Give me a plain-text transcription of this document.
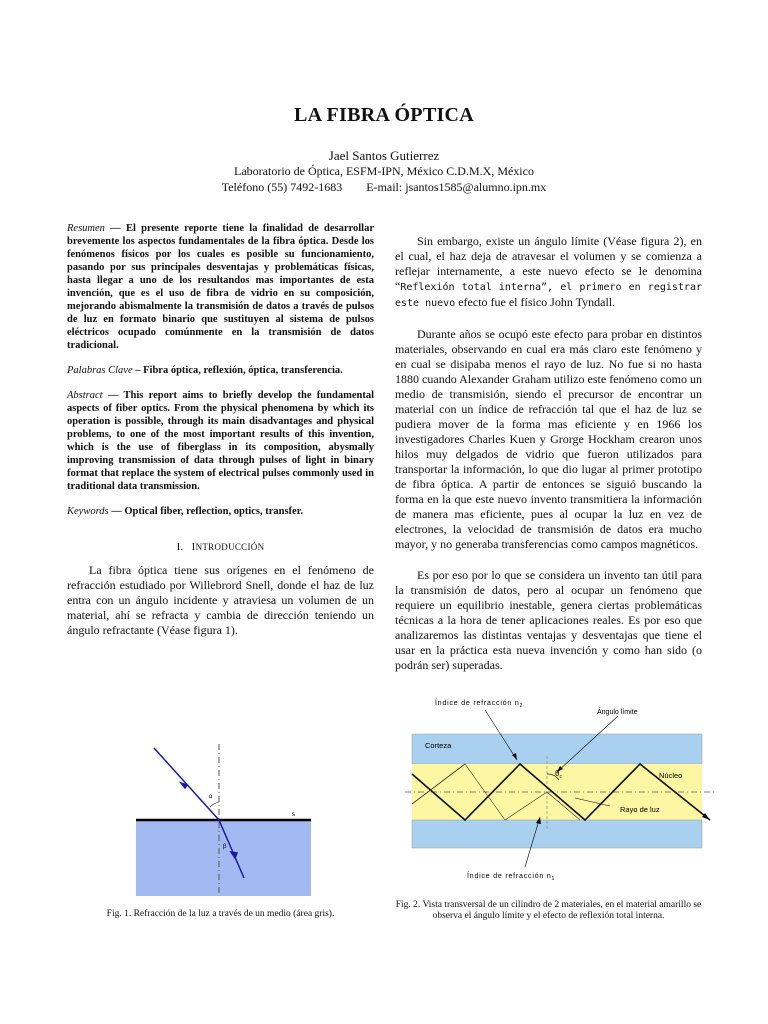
LA FIBRA ÓPTICA
Jael Santos Gutierrez
Laboratorio de Óptica, ESFM-IPN, México C.D.M.X, México
Teléfono (55) 7492-1683 E-mail: jsantos1585@alumno.ipn.mx

Resumen — El presente reporte tiene la finalidad de desarrollar brevemente los aspectos fundamentales de la fibra óptica. Desde los fenómenos físicos por los cuales es posible su funcionamiento, pasando por sus principales desventajas y problemáticas físicas, hasta llegar a uno de los resultandos mas importantes de esta invención, que es el uso de fibra de vidrio en su composición, mejorando abismalmente la transmisión de datos a través de pulsos de luz en formato binario que sustituyen al sistema de pulsos eléctricos ocupado comúnmente en la transmisión de datos tradicional.

Palabras Clave – Fibra óptica, reflexión, óptica, transferencia.

Abstract — This report aims to briefly develop the fundamental aspects of fiber optics. From the physical phenomena by which its operation is possible, through its main disadvantages and physical problems, to one of the most important results of this invention, which is the use of fiberglass in its composition, abysmally improving transmission of data through pulses of light in binary format that replace the system of electrical pulses commonly used in traditional data transmission.

Keywords — Optical fiber, reflection, optics, transfer.

I. INTRODUCCIÓN

La fibra óptica tiene sus orígenes en el fenómeno de refracción estudiado por Willebrord Snell, donde el haz de luz entra con un ángulo incidente y atraviesa un volumen de un material, ahí se refracta y cambia de dirección teniendo un ángulo refractante (Véase figura 1).

Sin embargo, existe un ángulo límite (Véase figura 2), en el cual, el haz deja de atravesar el volumen y se comienza a reflejar internamente, a este nuevo efecto se le denomina “Reflexión total interna”, el primero en registrar este nuevo efecto fue el físico John Tyndall.

Durante años se ocupó este efecto para probar en distintos materiales, observando en cual era más claro este fenómeno y en cual se disipaba menos el rayo de luz. No fue si no hasta 1880 cuando Alexander Graham utilizo este fenómeno como un medio de transmisión, siendo el precursor de encontrar un material con un índice de refracción tal que el haz de luz se pudiera mover de la forma mas eficiente y en 1966 los investigadores Charles Kuen y Grorge Hockham crearon unos hilos muy delgados de vidrio que fueron utilizados para transportar la información, lo que dio lugar al primer prototipo de fibra óptica. A partir de entonces se siguió buscando la forma en la que este nuevo invento transmitiera la información de manera mas eficiente, pues al ocupar la luz en vez de electrones, la velocidad de transmisión de datos era mucho mayor, y no generaba transferencias como campos magnéticos.

Es por eso por lo que se considera un invento tan útil para la transmisión de datos, pero al ocupar un fenómeno que requiere un equilibrio inestable, genera ciertas problemáticas técnicas a la hora de tener aplicaciones reales. Es por eso que analizaremos las distintas ventajas y desventajas que tiene el usar en la práctica esta nueva invención y como han sido (o podrán ser) superadas.

α
s
β
Fig. 1. Refracción de la luz a través de un medio (área gris).
Índice de refracción $n_2$
Ángulo límite
Corteza
$\theta_c$	Núcleo
Rayo de luz
Índice de refracción $n_1$
Fig. 2. Vista transversal de un cilindro de 2 materiales, en el material amarillo se observa el ángulo límite y el efecto de reflexión total interna.
